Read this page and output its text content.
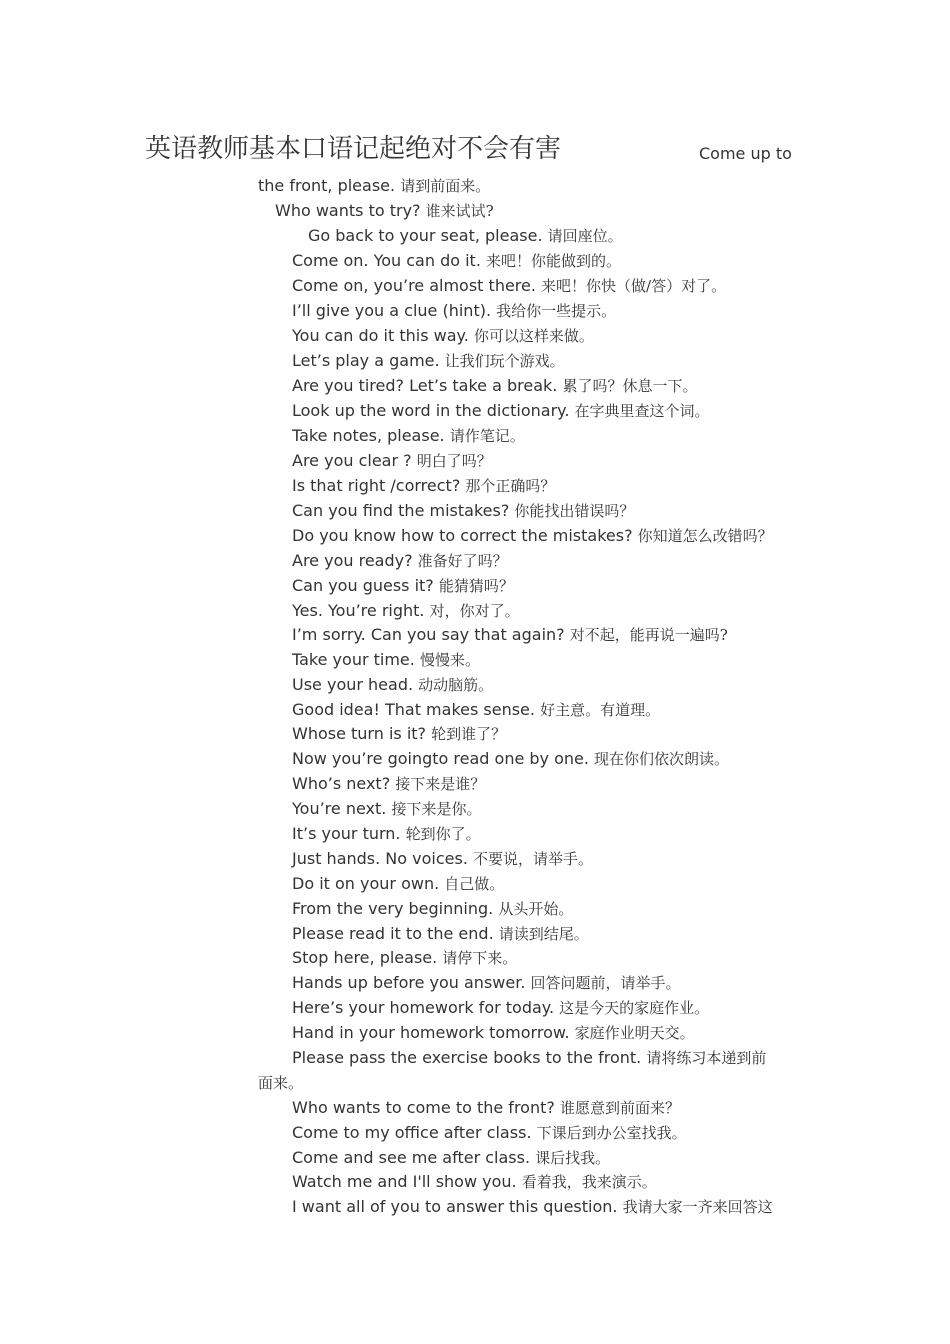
英语教师基本口语记起绝对不会有害	Come up to
the front, please. 请到前面来。
Who wants to try? 谁来试试?
Go back to your seat, please. 请回座位。
Come on. You can do it. 来吧！你能做到的。
Come on, you’re almost there. 来吧！你快（做/答）对了。
I’ll give you a clue (hint). 我给你一些提示。
You can do it this way. 你可以这样来做。
Let’s play a game. 让我们玩个游戏。
Are you tired? Let’s take a break. 累了吗？休息一下。
Look up the word in the dictionary. 在字典里查这个词。
Take notes, please. 请作笔记。
Are you clear ? 明白了吗？
Is that right /correct? 那个正确吗？
Can you find the mistakes? 你能找出错误吗？
Do you know how to correct the mistakes? 你知道怎么改错吗？
Are you ready? 准备好了吗？
Can you guess it? 能猜猜吗？
Yes. You’re right. 对，你对了。
I’m sorry. Can you say that again? 对不起，能再说一遍吗?
Take your time. 慢慢来。
Use your head. 动动脑筋。
Good idea! That makes sense. 好主意。有道理。
Whose turn is it? 轮到谁了？
Now you’re goingto read one by one. 现在你们依次朗读。
Who’s next? 接下来是谁？
You’re next. 接下来是你。
It’s your turn. 轮到你了。
Just hands. No voices. 不要说，请举手。
Do it on your own. 自己做。
From the very beginning. 从头开始。
Please read it to the end. 请读到结尾。
Stop here, please. 请停下来。
Hands up before you answer. 回答问题前，请举手。
Here’s your homework for today. 这是今天的家庭作业。
Hand in your homework tomorrow. 家庭作业明天交。
Please pass the exercise books to the front. 请将练习本递到前
面来。
Who wants to come to the front? 谁愿意到前面来？
Come to my office after class. 下课后到办公室找我。
Come and see me after class. 课后找我。
Watch me and I'll show you. 看着我，我来演示。
I want all of you to answer this question. 我请大家一齐来回答这
